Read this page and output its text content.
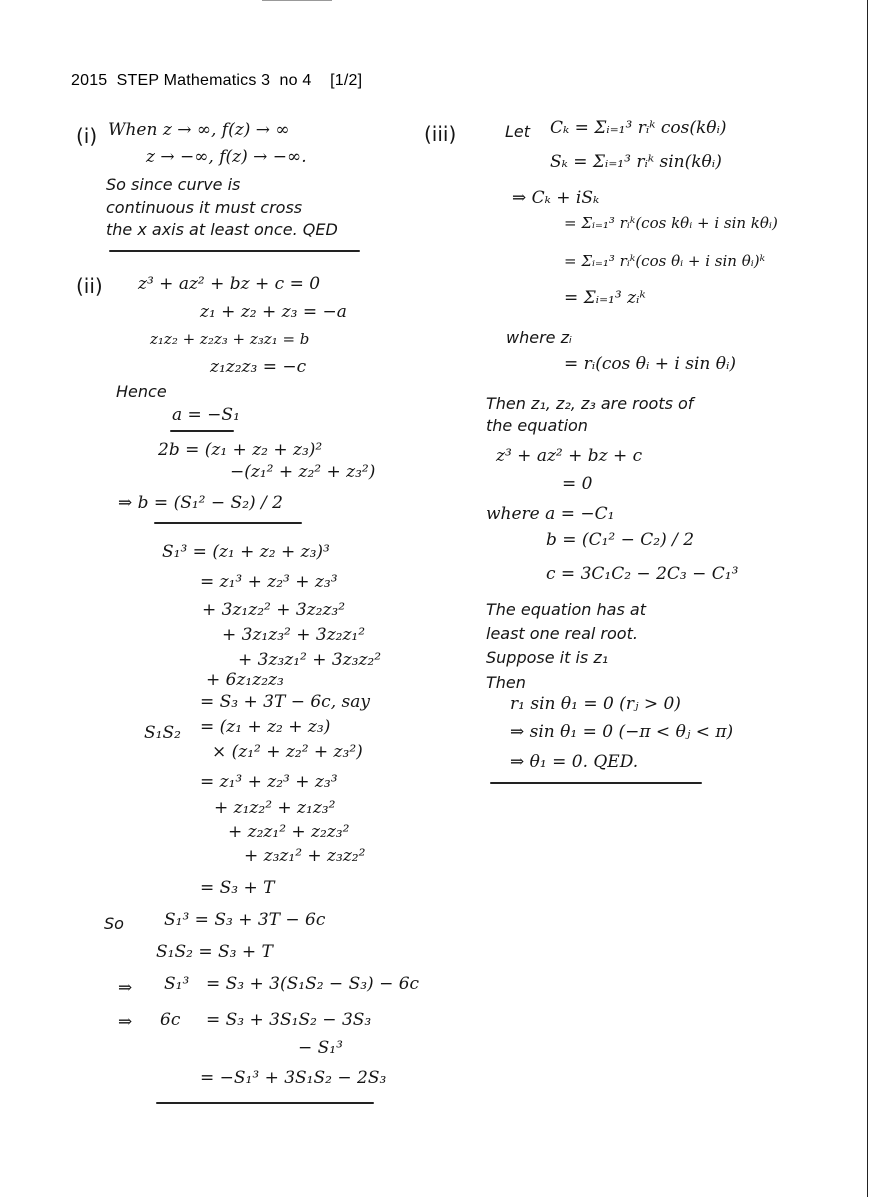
2015  STEP Mathematics 3  no 4    [1/2]
(i) When z → ∞, f(z) → ∞
z → −∞, f(z) → −∞.
So since curve is
continuous it must cross
the x axis at least once. QED
(ii) z³ + az² + bz + c = 0
z₁ + z₂ + z₃ = −a
z₁z₂ + z₂z₃ + z₃z₁ = b
z₁z₂z₃ = −c
Hence
a = −S₁
2b = (z₁ + z₂ + z₃)²
−(z₁² + z₂² + z₃²)
⇒ b = (S₁² − S₂) / 2
S₁³ = (z₁ + z₂ + z₃)³
= z₁³ + z₂³ + z₃³
+ 3z₁z₂² + 3z₂z₃²
+ 3z₁z₃² + 3z₂z₁²
+ 3z₃z₁² + 3z₃z₂²
+ 6z₁z₂z₃
= S₃ + 3T − 6c, say
S₁S₂ = (z₁ + z₂ + z₃)
× (z₁² + z₂² + z₃²)
= z₁³ + z₂³ + z₃³
+ z₁z₂² + z₁z₃²
+ z₂z₁² + z₂z₃²
+ z₃z₁² + z₃z₂²
= S₃ + T
So S₁³ = S₃ + 3T − 6c
S₁S₂ = S₃ + T
⇒ S₁³ = S₃ + 3(S₁S₂ − S₃) − 6c
⇒ 6c = S₃ + 3S₁S₂ − 3S₃
− S₁³
= −S₁³ + 3S₁S₂ − 2S₃
(iii)	Let Cₖ = Σᵢ₌₁³ rᵢᵏ cos(kθᵢ)
Sₖ = Σᵢ₌₁³ rᵢᵏ sin(kθᵢ)
⇒ Cₖ + iSₖ
= Σᵢ₌₁³ rᵢᵏ(cos kθᵢ + i sin kθᵢ)
= Σᵢ₌₁³ rᵢᵏ(cos θᵢ + i sin θᵢ)ᵏ
= Σᵢ₌₁³ zᵢᵏ
where zᵢ
= rᵢ(cos θᵢ + i sin θᵢ)
Then z₁, z₂, z₃ are roots of
the equation
z³ + az² + bz + c
= 0
where a = −C₁
b = (C₁² − C₂) / 2
c = 3C₁C₂ − 2C₃ − C₁³
The equation has at
least one real root.
Suppose it is z₁
Then
r₁ sin θ₁ = 0 (rⱼ > 0)
⇒ sin θ₁ = 0 (−π < θⱼ < π)
⇒ θ₁ = 0. QED.
